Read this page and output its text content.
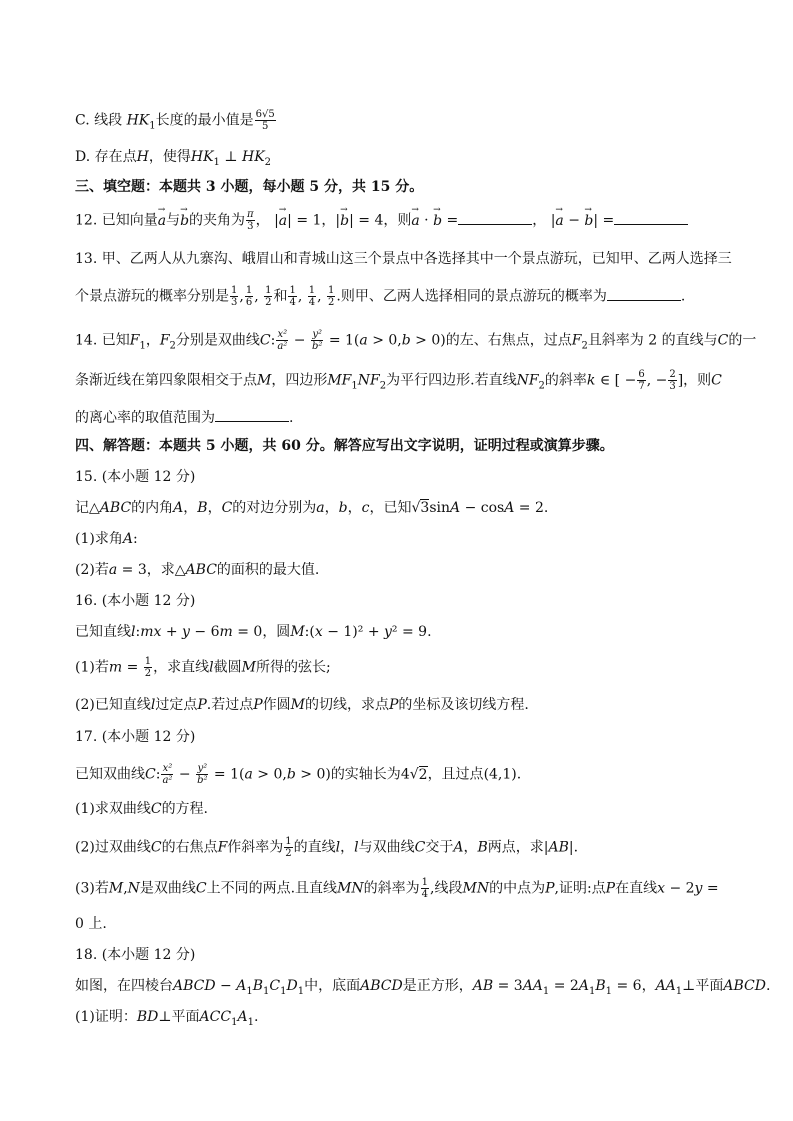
C. 线段 $HK_1$长度的最小值是 $\frac{6√5}{5}$
D. 存在点H，使得$HK_1$ ⊥ $HK_2$
三、填空题：本题共 3 小题，每小题 5 分，共 15 分。
12. 已知向量→ a与→ b的夹角为 $\frac{\pi}{3}$ ， |→ a| = 1，|→ b| = 4，则→ a · → b =	， |→ a − → b| =
13. 甲、乙两人从九寨沟、峨眉山和青城山这三个景点中各选择其中一个景点游玩，已知甲、乙两人选择三
个景点游玩的概率分别是 $\frac{1}{3}$ , $\frac{1}{6}$ , $\frac{1}{2}$ 和 $\frac{1}{4}$ , $\frac{1}{4}$ , $\frac{1}{2}$ .则甲、乙两人选择相同的景点游玩的概率为	.
14. 已知$F_1$，$F_2$分别是双曲线C: $\frac{\text{x²}}{\text{a²}} - \frac{\text{y²}}{\text{b²}} = 1(a > 0,b > 0)$的左、右焦点，过点$F_2$且斜率为 2 的直线与C的一
条渐近线在第四象限相交于点M，四边形$MF_1NF_2$为平行四边形.若直线$NF_2$的斜率k ∈ [ − $\frac{6}{7}$ , − $\frac{2}{3}$ ]，则C
的离心率的取值范围为	.
四、解答题：本题共 5 小题，共 60 分。解答应写出文字说明，证明过程或演算步骤。
15. (本小题 12 分)
记△ABC的内角A，B，C的对边分别为a，b，c，已知√3sinA − cosA = 2.
(1)求角A:
(2)若a = 3，求△ABC的面积的最大值.
16. (本小题 12 分)
已知直线l:mx + y − 6m = 0，圆M:(x − 1)² + y² = 9.
(1)若$m = \frac{1}{2}$ ，求直线l截圆M所得的弦长;
(2)已知直线l过定点P.若过点P作圆M的切线，求点P的坐标及该切线方程.
17. (本小题 12 分)
已知双曲线C: $\frac{\text{x²}}{\text{a²}} - \frac{\text{y²}}{\text{b²}} = 1(a > 0,b > 0)$的实轴长为4√2，且过点(4,1).
(1)求双曲线C的方程.
(2)过双曲线C的右焦点F作斜率为 $\frac{1}{2}$ 的直线l，l与双曲线C交于A，B两点，求|AB|.
(3)若M,N是双曲线C上不同的两点.且直线MN的斜率为 $\frac{1}{4}$ ,线段MN的中点为P,证明:点P在直线x − 2y =
0 上.
18. (本小题 12 分)
如图，在四棱台ABCD − $A_1B_1C_1D_1$中，底面ABCD是正方形，AB = $3AA_1 = 2A_1B_1 = 6$，$AA_1\perp$平面ABCD.
(1)证明：BD⊥平面$ACC_1A_1$.
